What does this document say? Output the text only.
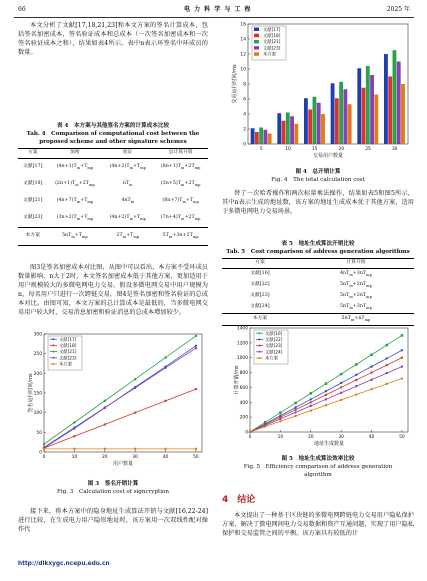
66	电 力 科 学 与 工 程	2025 年

本文分析了文献[17,18,21,23]和本文方案的签名计算成本，包括签名加密成本，签名验证成本和总成本（一次签名加密成本和一次签名验证成本之和），结果如表4所示。表中n表示环签名中环成员的数量。

表 4　本方案与其他签名方案的计算成本比较
Tab. 4　Comparison of computational cost between the
proposed scheme and other signature schemes
方案	加密	验证	总计算开销
文献[17]	$(4n+1)T_m+T_{mp}$	$(4n+2)T_m+T_{mp}$	$(8n+1)T_m+2T_{mp}$
文献[18]	$(2n+1)T_m+2T_{mp}$	$nT_m$	$(3n+5)T_m+2T_{mp}$
文献[21]	$(4n+7)T_m+T_{mp}$	$4nT_m$	$(8n+7)T_m+T_{mp}$
文献[23]	$(3n+2)T_m+T_{mp}$	$(4n+2)T_m+T_{mp}$	$(7n+4)T_m+2T_{mp}$
本方案	$5nT_m+T_{mp}$	$2T_m+T_{mp}$	$5T_m+3n+2T_{mp}$

图3是签名加密成本对比图，从图中可以看出，本方案不受环成员数量影响，n大于2时，本文签名加密成本低于其他方案，更加适用于用户规模较大的多微电网电力交易。假设多微电网交易中用户规模为n，每名用户只进行一次跨链交易，图4是签名加密和签名验证的总成本对比。由图可知，本文方案的总计算成本是最低的，当多微电网交易用户较大时，交易消息加密和验证消息的总成本增加较少。

0
50
100
150
200
250
300
0	10	20	30	40	50
用户数量
签名运行时间/ms
文献[17]
文献[18]
文献[21]
文献[23]
本方案
图 3　签名开销计算
Fig. 3　Calculation cost of signcryption

接下来，将本方案中的隐身地址生成算法开销与文献[16,22-24]进行比较，在生成电力用户隐形地址时，该方案用一次双线性配对操作代

http://dlkxygc.ncepu.edu.cn
0
2
4
6
8
10
12
14
16
5	10	15	20	25	30
交易用户数量
交易运行时间/ms
文献[17]
文献[18]
文献[21]
文献[23]
本方案
图 4　总开销计算
Fig. 4　The total calculation cost

替了一次哈希操作和两次标量乘法操作，结果如表5和图5所示，其中n表示生成的地址数，该方案的地址生成成本优于其他方案，适用于多微电网电力交易场景。

表 5　地址生成算法开销比较
Tab. 5　Cost comparison of address generation algorithms
方案	计算开销
文献[16]	$4nT_m+3nT_{mp}$
文献[22]	$5nT_m+2nT_{mp}$
文献[23]	$5nT_m+2nT_{mp}$
文献[24]	$5nT_m+3nT_{mp}$
本方案	$5nT_m+nT_{mp}$
0
200
400
600
800
1000
1200
1400
0	10	20	30	40	50
地址生成数量
计算开销/ms
文献[16]
文献[22]
文献[23]
文献[24]
本方案
图 5　地址生成算法效率比较
Fig. 5　Efficiency comparison of address generation
algorithm
4　结论

本文提出了一种基于区块链的多微电网跨链电力交易用户隐私保护方案，解决了微电网间电力交易数据和资产互通问题，实现了用户隐私保护和交易监管之间的平衡。该方案具有较低的计
